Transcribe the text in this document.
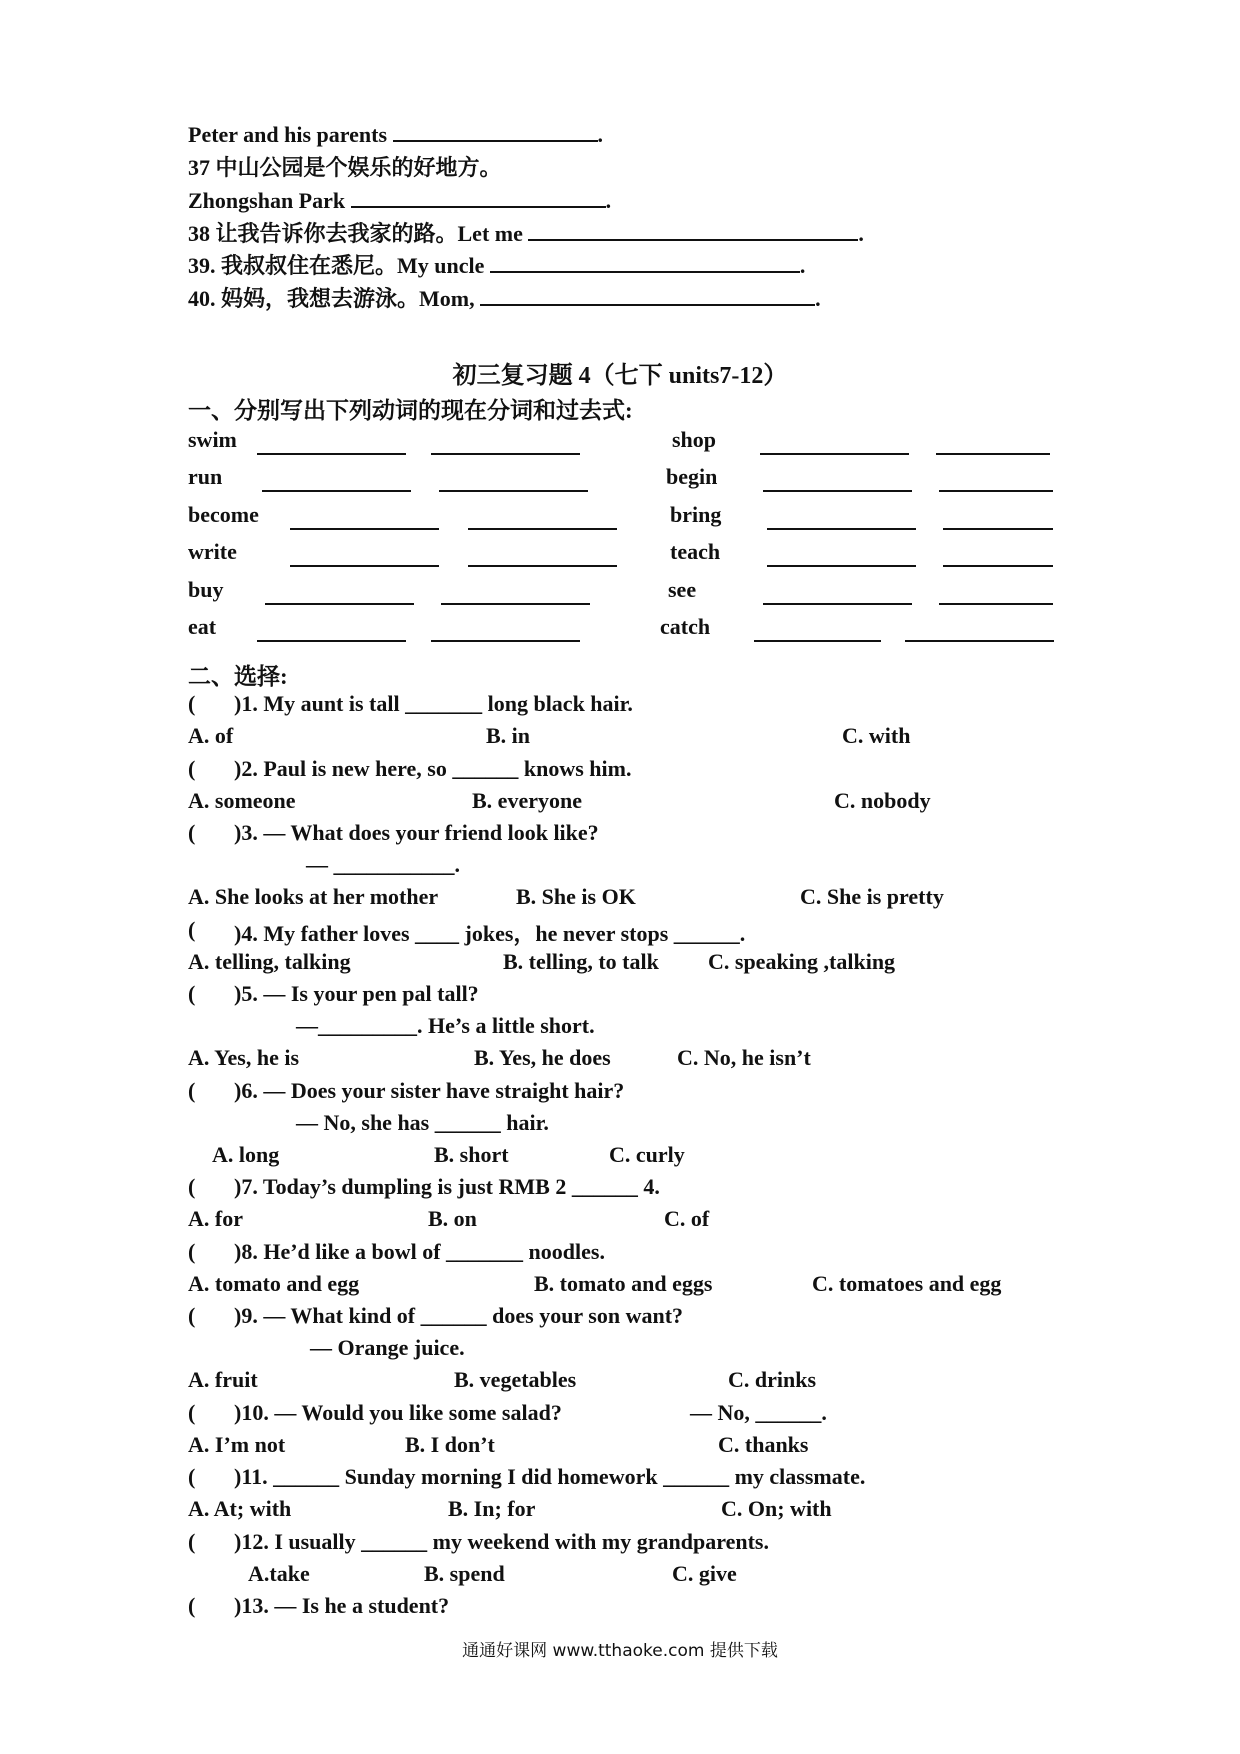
Peter and his parents	.
37 中山公园是个娱乐的好地方。
Zhongshan Park	.
38 让我告诉你去我家的路。Let me	.
39. 我叔叔住在悉尼。My uncle	.
40. 妈妈，我想去游泳。Mom,	.
初三复习题 4（七下 units7-12）
一、分别写出下列动词的现在分词和过去式:
swim	shop
run	begin
become	bring
write	teach
buy	see
eat	catch
二、选择:
( )1. My aunt is tall _______ long black hair.
A. of	B. in	C. with
( )2. Paul is new here, so ______ knows him.
A. someone	B. everyone	C. nobody
( )3. — What does your friend look like?
— ___________.
A. She looks at her mother	B. She is OK	C. She is pretty
( )4. My father loves ____ jokes，he never stops ______.
A. telling, talking	B. telling, to talk C. speaking ,talking
( )5. — Is your pen pal tall?
—_________. He’s a little short.
A. Yes, he is	B. Yes, he does	C. No, he isn’t
( )6. — Does your sister have straight hair?
— No, she has ______ hair.
A. long	B. short	C. curly
( )7. Today’s dumpling is just RMB 2 ______ 4.
A. for	B. on	C. of
( )8. He’d like a bowl of _______ noodles.
A. tomato and egg	B. tomato and eggs	C. tomatoes and egg
( )9. — What kind of ______ does your son want?
— Orange juice.
A. fruit	B. vegetables	C. drinks
( )10. — Would you like some salad?	— No, ______.
A. I’m not	B. I don’t	C. thanks
( )11. ______ Sunday morning I did homework ______ my classmate.
A. At; with	B. In; for	C. On; with
( )12. I usually ______ my weekend with my grandparents.
A.take	B. spend	C. give
( )13. — Is he a student?
通通好课网 www.tthaoke.com 提供下载
